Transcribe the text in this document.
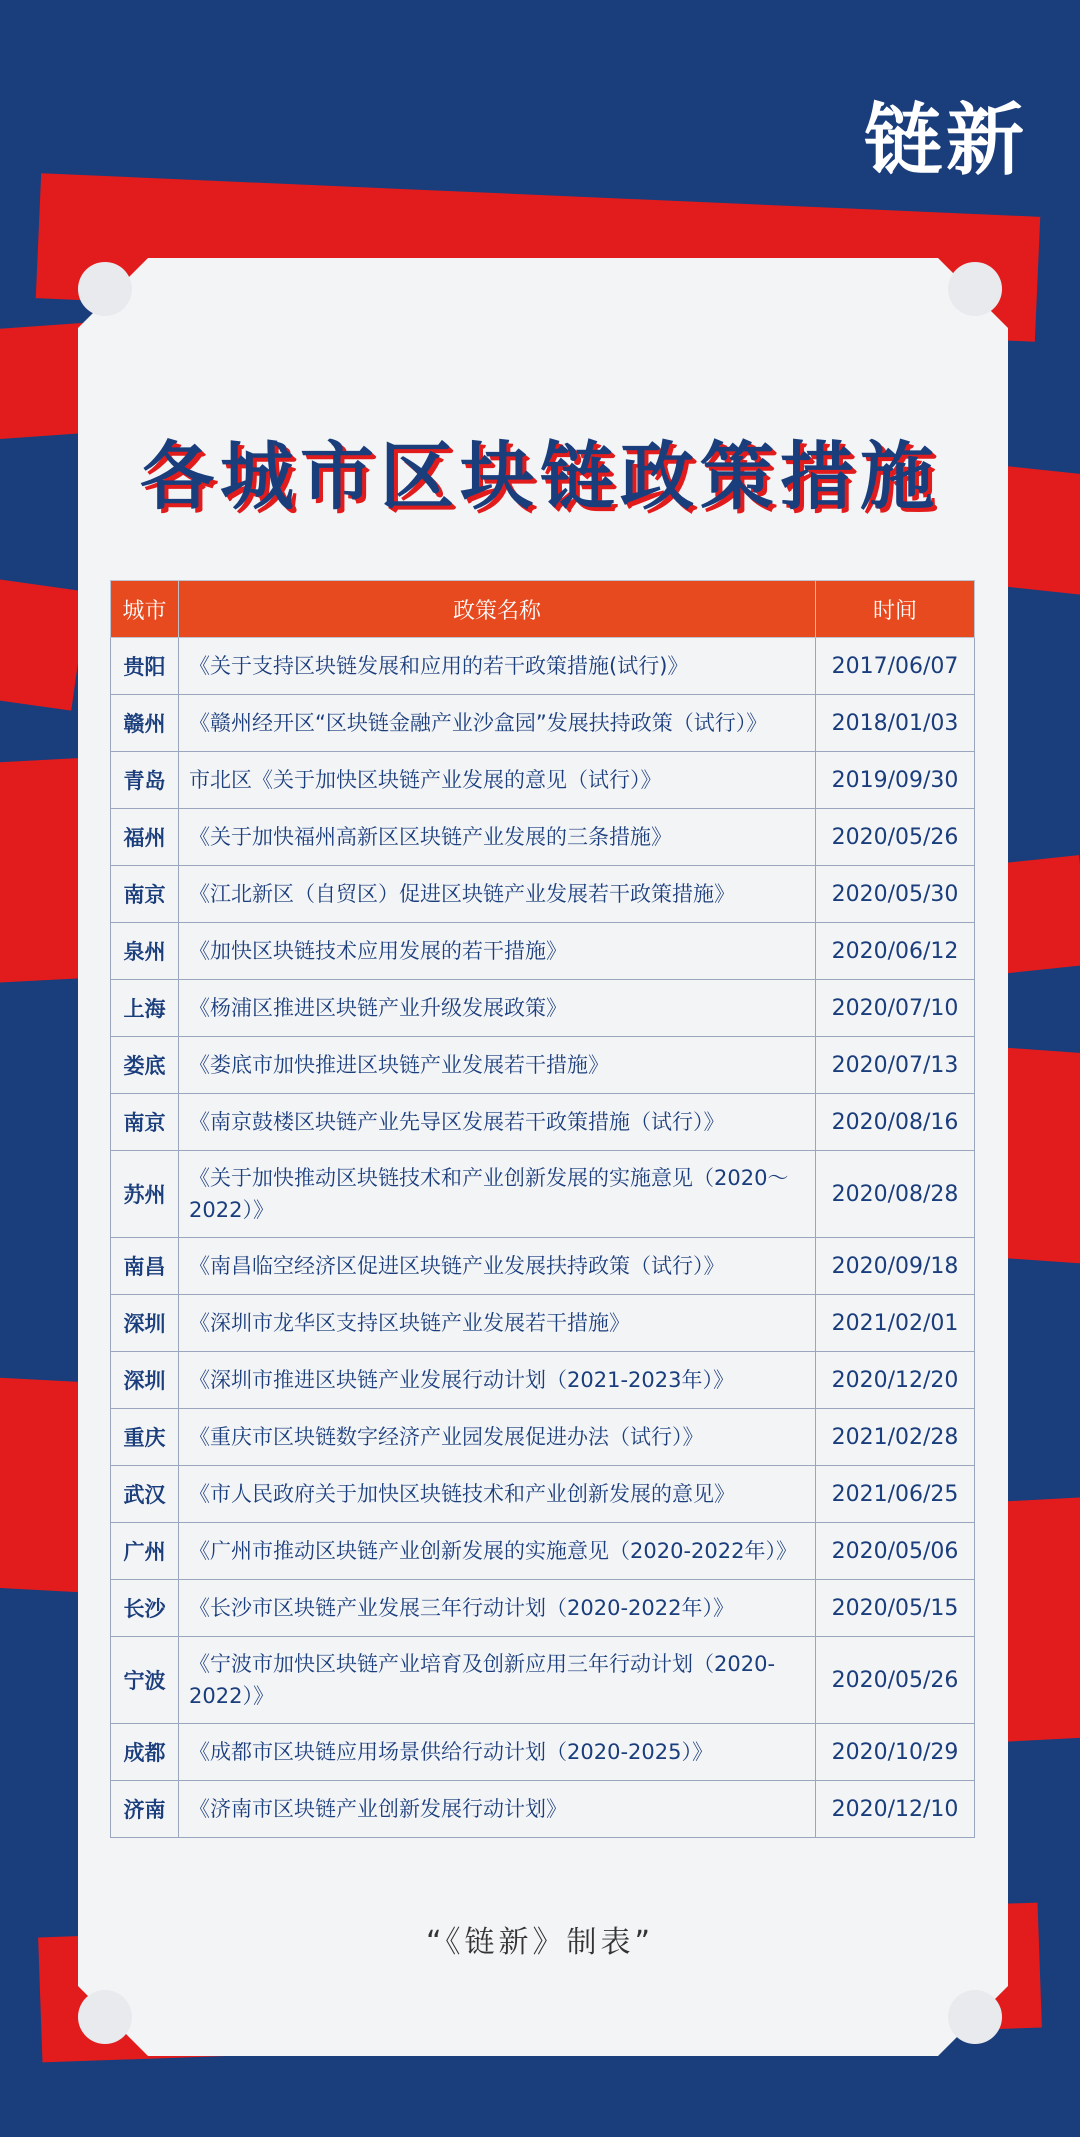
链新
各城市区块链政策措施
城市	政策名称	时间
贵阳	《关于支持区块链发展和应用的若干政策措施(试行)》	2017/06/07
赣州	《赣州经开区“区块链金融产业沙盒园”发展扶持政策（试行）》	2018/01/03
青岛	市北区《关于加快区块链产业发展的意见（试行）》	2019/09/30
福州	《关于加快福州高新区区块链产业发展的三条措施》	2020/05/26
南京	《江北新区（自贸区）促进区块链产业发展若干政策措施》	2020/05/30
泉州	《加快区块链技术应用发展的若干措施》	2020/06/12
上海	《杨浦区推进区块链产业升级发展政策》	2020/07/10
娄底	《娄底市加快推进区块链产业发展若干措施》	2020/07/13
南京	《南京鼓楼区块链产业先导区发展若干政策措施（试行）》	2020/08/16
苏州	《关于加快推动区块链技术和产业创新发展的实施意见（2020～2022）》	2020/08/28
南昌	《南昌临空经济区促进区块链产业发展扶持政策（试行）》	2020/09/18
深圳	《深圳市龙华区支持区块链产业发展若干措施》	2021/02/01
深圳	《深圳市推进区块链产业发展行动计划（2021-2023年）》	2020/12/20
重庆	《重庆市区块链数字经济产业园发展促进办法（试行）》	2021/02/28
武汉	《市人民政府关于加快区块链技术和产业创新发展的意见》	2021/06/25
广州	《广州市推动区块链产业创新发展的实施意见（2020-2022年）》	2020/05/06
长沙	《长沙市区块链产业发展三年行动计划（2020-2022年）》	2020/05/15
宁波	《宁波市加快区块链产业培育及创新应用三年行动计划（2020-2022）》	2020/05/26
成都	《成都市区块链应用场景供给行动计划（2020-2025）》	2020/10/29
济南	《济南市区块链产业创新发展行动计划》	2020/12/10
“《链新》制表”
